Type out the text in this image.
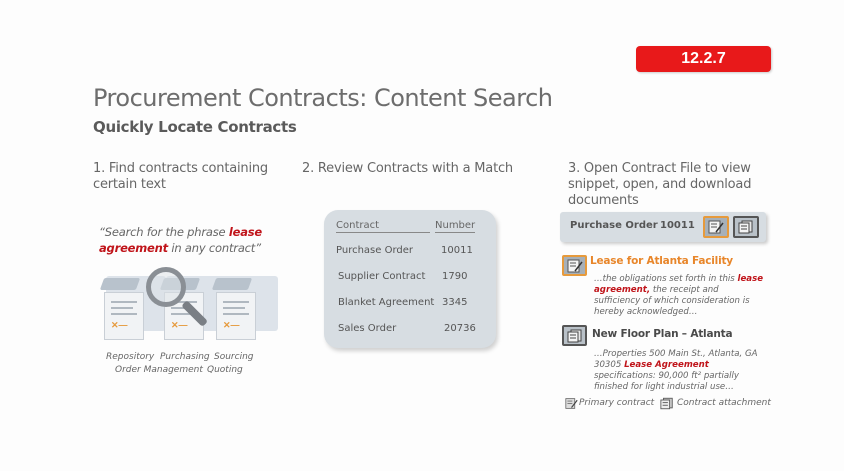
12.2.7
Procurement Contracts: Content Search
Quickly Locate Contracts
1. Find contracts containing certain text
2. Review Contracts with a Match	3. Open Contract File to view snippet, open, and download documents
“Search for the phrase lease
agreement in any contract”
✕—	✕—	✕—
Repository Purchasing Sourcing
Order Management Quoting
Contract	Number
Purchase Order	10011
Supplier Contract 1790
Blanket Agreement 3345
Sales Order	20736
Purchase Order 10011
Lease for Atlanta Facility
…the obligations set forth in this lease agreement, the receipt and sufficiency of which consideration is hereby acknowledged…
New Floor Plan – Atlanta
…Properties 500 Main St., Atlanta, GA 30305 Lease Agreement specifications: 90,000 ft² partially finished for light industrial use…
Primary contract	Contract attachment
